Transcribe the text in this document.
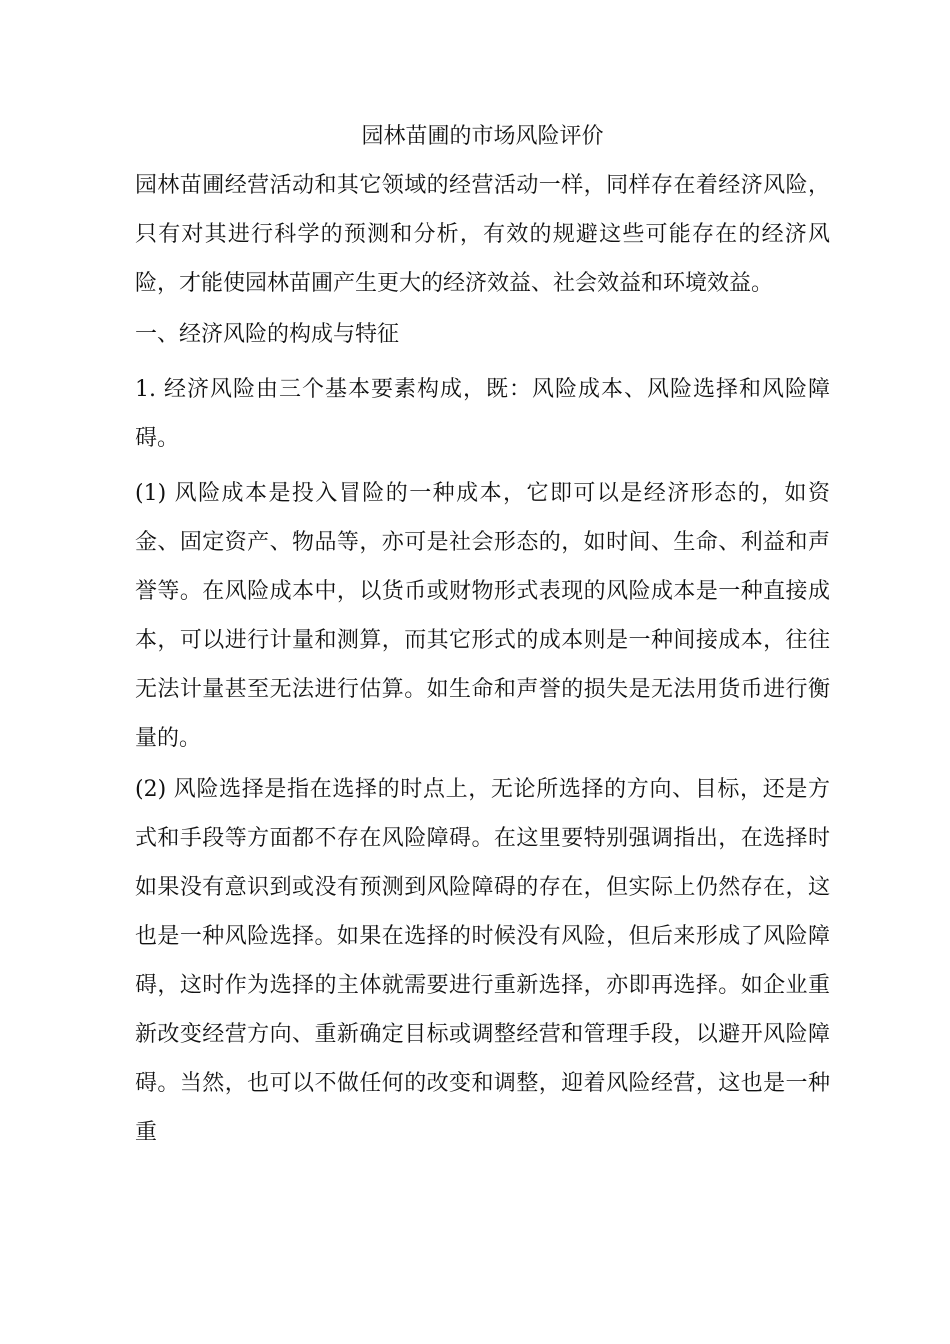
园林苗圃的市场风险评价

园林苗圃经营活动和其它领域的经营活动一样，同样存在着经济风险，只有对其进行科学的预测和分析，有效的规避这些可能存在的经济风险，才能使园林苗圃产生更大的经济效益、社会效益和环境效益。

一、经济风险的构成与特征

1. 经济风险由三个基本要素构成，既：风险成本、风险选择和风险障碍。

(1) 风险成本是投入冒险的一种成本，它即可以是经济形态的，如资金、固定资产、物品等，亦可是社会形态的，如时间、生命、利益和声誉等。在风险成本中，以货币或财物形式表现的风险成本是一种直接成本，可以进行计量和测算，而其它形式的成本则是一种间接成本，往往无法计量甚至无法进行估算。如生命和声誉的损失是无法用货币进行衡量的。

(2) 风险选择是指在选择的时点上，无论所选择的方向、目标，还是方式和手段等方面都不存在风险障碍。在这里要特别强调指出，在选择时如果没有意识到或没有预测到风险障碍的存在，但实际上仍然存在，这也是一种风险选择。如果在选择的时候没有风险，但后来形成了风险障碍，这时作为选择的主体就需要进行重新选择，亦即再选择。如企业重新改变经营方向、重新确定目标或调整经营和管理手段，以避开风险障碍。当然，也可以不做任何的改变和调整，迎着风险经营，这也是一种重
